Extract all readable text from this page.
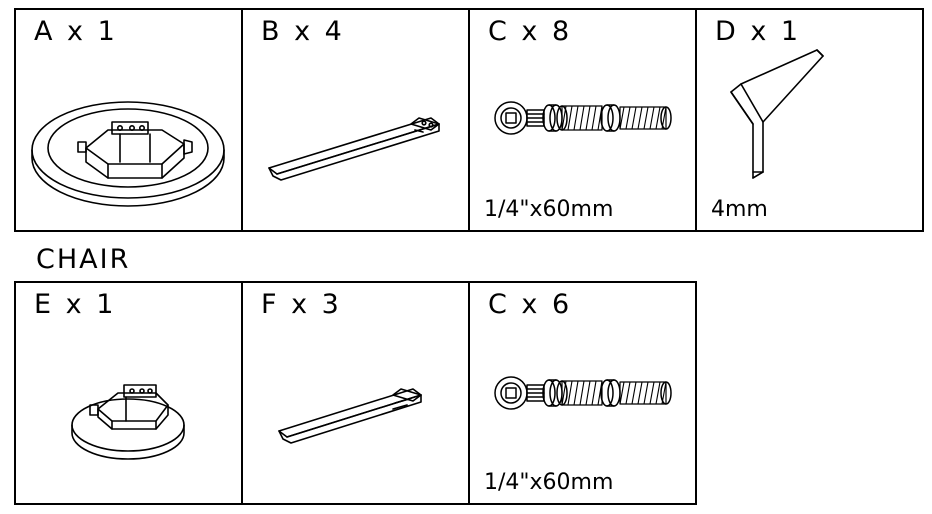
A x 1	B x 4	C x 8
1/4"x60mm
D x 1
4mm
CHAIR
E x 1	F x 3	C x 6
1/4"x60mm
